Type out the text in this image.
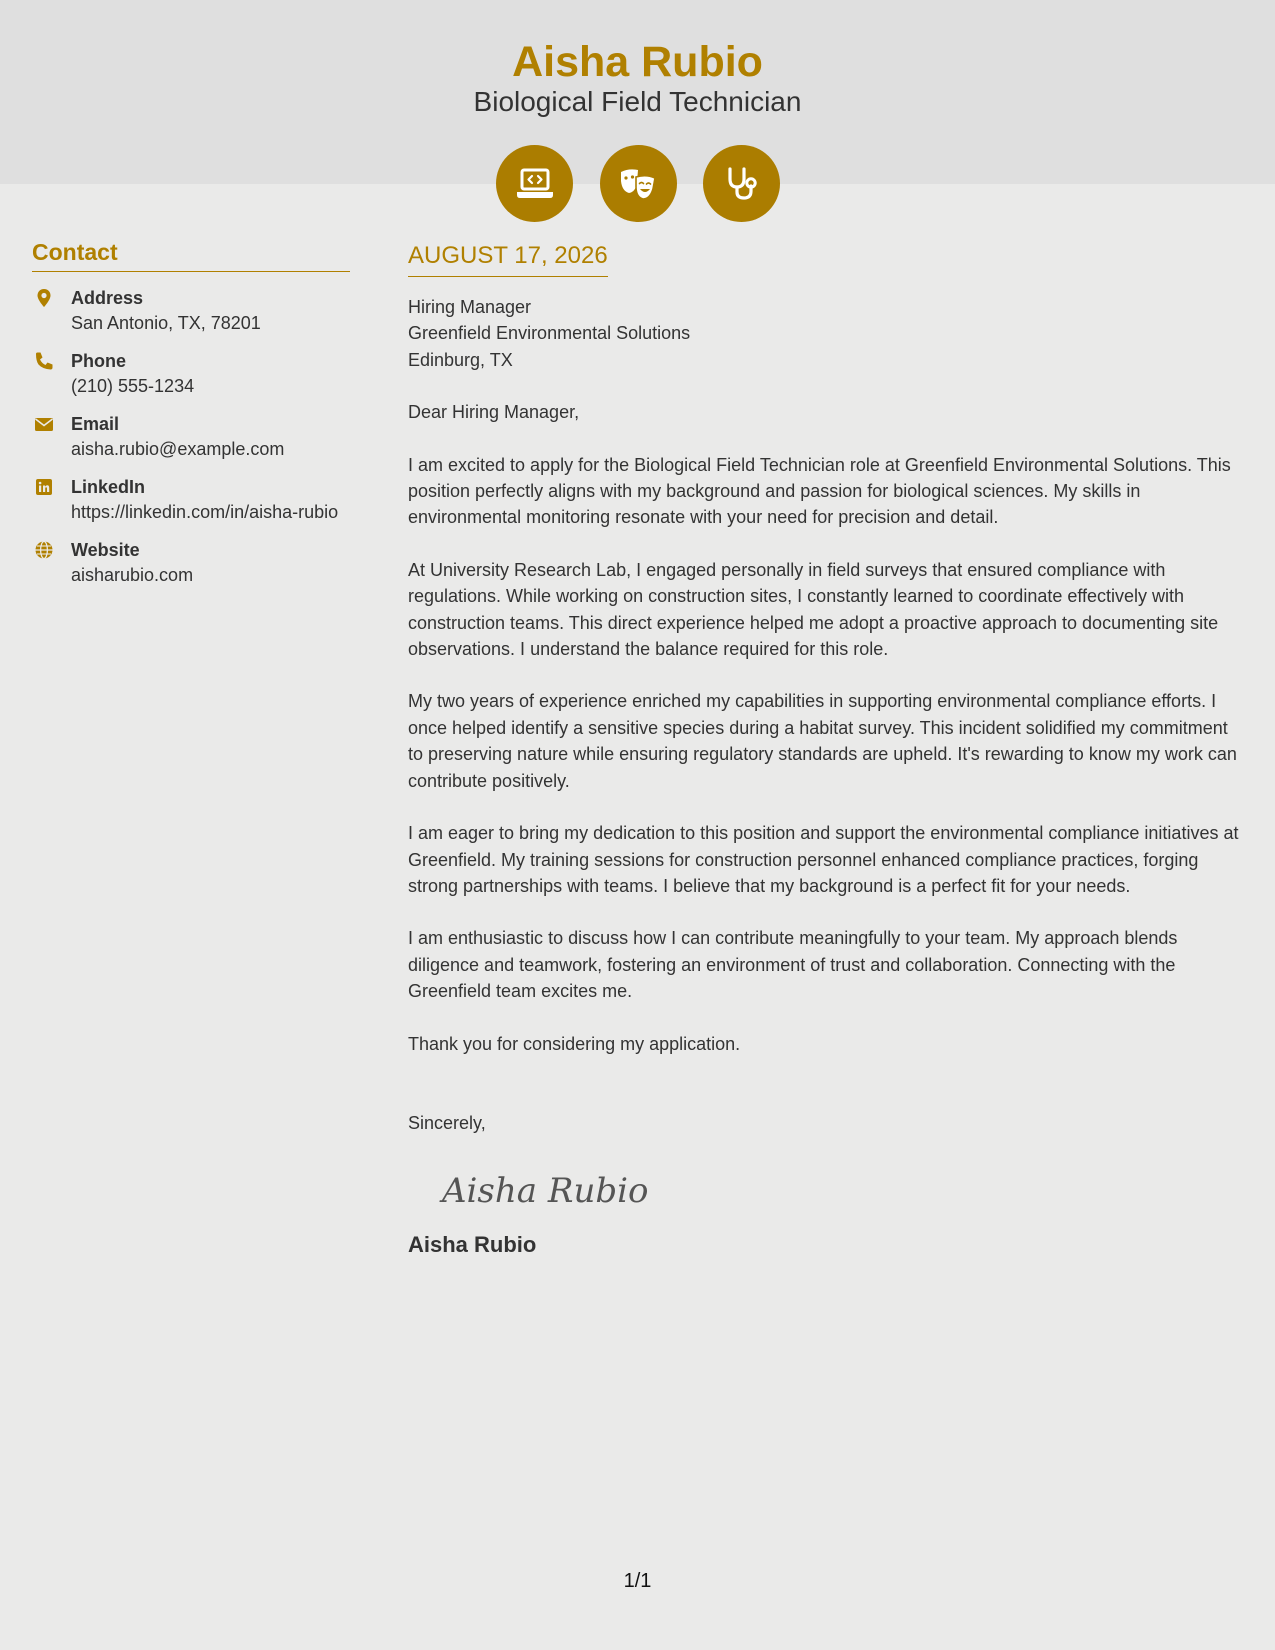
Aisha Rubio
Biological Field Technician
Contact
Address
San Antonio, TX, 78201
Phone
(210) 555-1234
Email
aisha.rubio@example.com
LinkedIn
https://linkedin.com/in/aisha-rubio
Website
aisharubio.com
AUGUST 17, 2026
Hiring Manager
Greenfield Environmental Solutions
Edinburg, TX
Dear Hiring Manager,

I am excited to apply for the Biological Field Technician role at Greenfield Environmental Solutions. This position perfectly aligns with my background and passion for biological sciences. My skills in environmental monitoring resonate with your need for precision and detail.

At University Research Lab, I engaged personally in field surveys that ensured compliance with regulations. While working on construction sites, I constantly learned to coordinate effectively with construction teams. This direct experience helped me adopt a proactive approach to documenting site observations. I understand the balance required for this role.

My two years of experience enriched my capabilities in supporting environmental compliance efforts. I once helped identify a sensitive species during a habitat survey. This incident solidified my commitment to preserving nature while ensuring regulatory standards are upheld. It's rewarding to know my work can contribute positively.

I am eager to bring my dedication to this position and support the environmental compliance initiatives at Greenfield. My training sessions for construction personnel enhanced compliance practices, forging strong partnerships with teams. I believe that my background is a perfect fit for your needs.

I am enthusiastic to discuss how I can contribute meaningfully to your team. My approach blends diligence and teamwork, fostering an environment of trust and collaboration. Connecting with the Greenfield team excites me.

Thank you for considering my application.

Sincerely,
Aisha Rubio
Aisha Rubio
1/1
